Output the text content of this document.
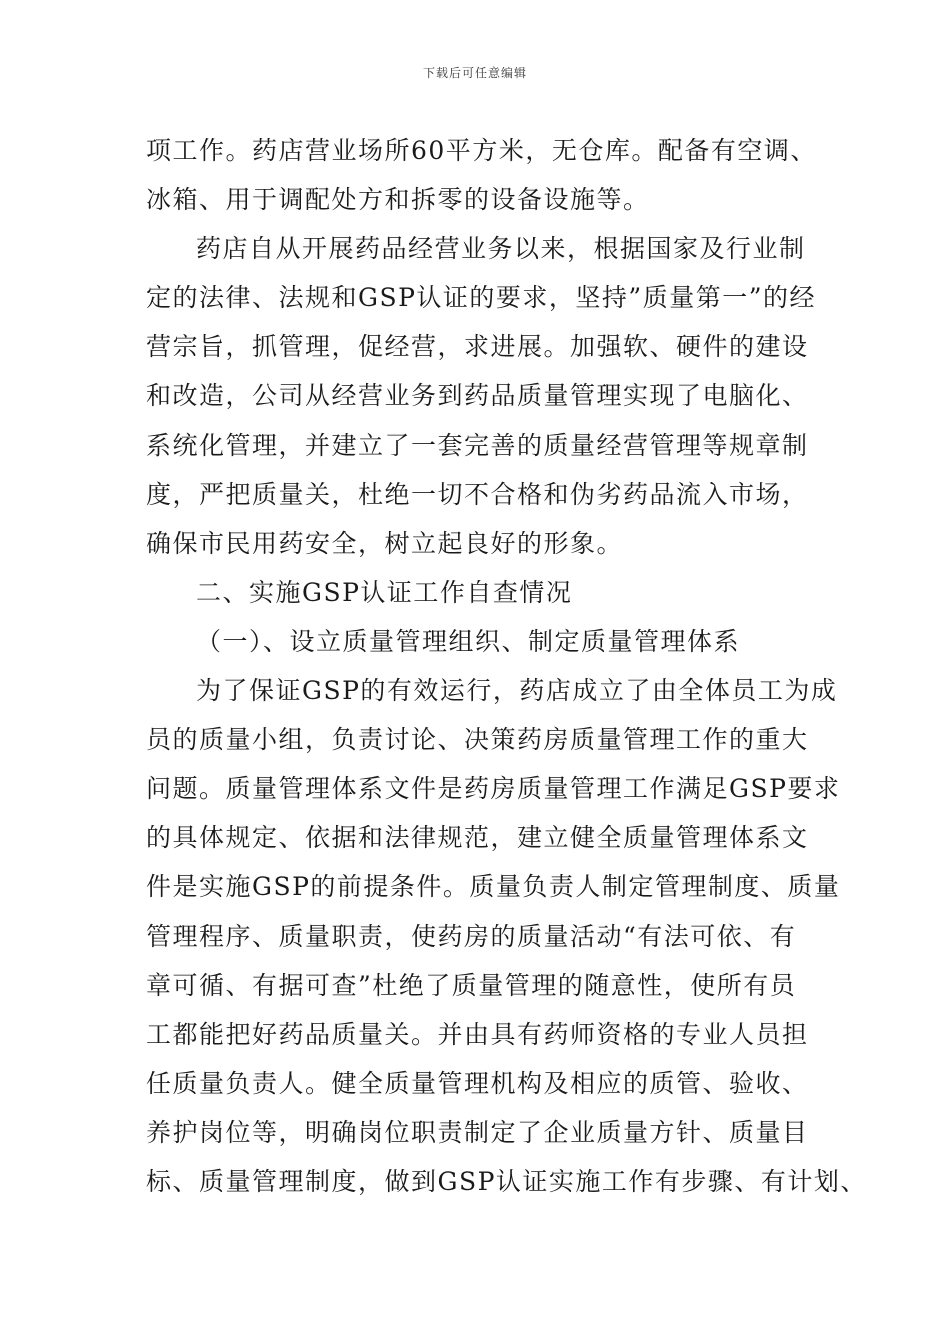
下载后可任意编辑
项工作。药店营业场所60平方米，无仓库。配备有空调、
冰箱、用于调配处方和拆零的设备设施等。
药店自从开展药品经营业务以来，根据国家及行业制
定的法律、法规和GSP认证的要求，坚持”质量第一”的经
营宗旨，抓管理，促经营，求进展。加强软、硬件的建设
和改造，公司从经营业务到药品质量管理实现了电脑化、
系统化管理，并建立了一套完善的质量经营管理等规章制
度，严把质量关，杜绝一切不合格和伪劣药品流入市场，
确保市民用药安全，树立起良好的形象。
二、实施GSP认证工作自查情况
（一）、设立质量管理组织、制定质量管理体系
为了保证GSP的有效运行，药店成立了由全体员工为成
员的质量小组，负责讨论、决策药房质量管理工作的重大
问题。质量管理体系文件是药房质量管理工作满足GSP要求
的具体规定、依据和法律规范，建立健全质量管理体系文
件是实施GSP的前提条件。质量负责人制定管理制度、质量
管理程序、质量职责，使药房的质量活动“有法可依、有
章可循、有据可查”杜绝了质量管理的随意性，使所有员
工都能把好药品质量关。并由具有药师资格的专业人员担
任质量负责人。健全质量管理机构及相应的质管、验收、
养护岗位等，明确岗位职责制定了企业质量方针、质量目
标、质量管理制度，做到GSP认证实施工作有步骤、有计划、
